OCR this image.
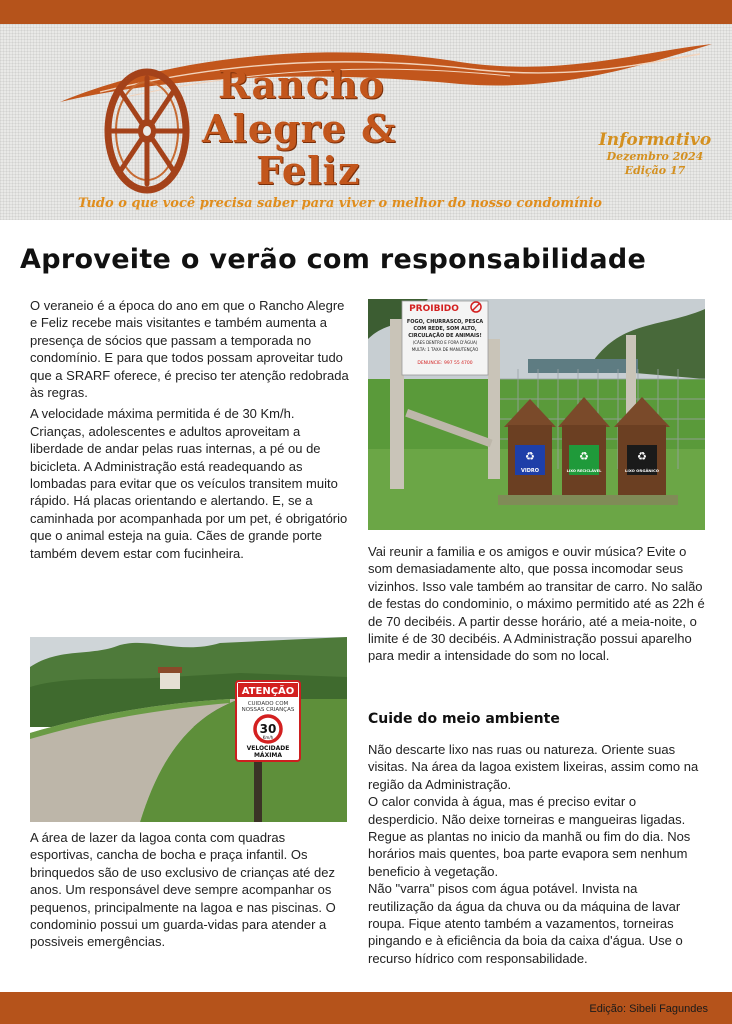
Rancho
Alegre &
Feliz
Informativo
Dezembro 2024
Edição 17
Tudo o que você precisa saber para viver o melhor do nosso condomínio
Aproveite o verão com responsabilidade

O veraneio é a época do ano em que o Rancho Alegre e Feliz recebe mais visitantes e também aumenta a presença de sócios que passam a temporada no condomínio. E para que todos possam aproveitar tudo que a SRARF oferece, é preciso ter atenção redobrada às regras.

A velocidade máxima permitida é de 30 Km/h. Crianças, adolescentes e adultos aproveitam a liberdade de andar pelas ruas internas, a pé ou de bicicleta. A Administração está readequando as lombadas para evitar que os veículos transitem muito rápido. Há placas orientando e alertando. E, se a caminhada por acompanhada por um pet, é obrigatório que o animal esteja na guia. Cães de grande porte também devem estar com fucinheira.

ATENÇÃO
CUIDADO COM
NOSSAS CRIANÇAS
30
Km/h
VELOCIDADE
MÁXIMA

A área de lazer da lagoa conta com quadras esportivas, cancha de bocha e praça infantil. Os brinquedos são de uso exclusivo de crianças até dez anos. Um responsável deve sempre acompanhar os pequenos, principalmente na lagoa e nas piscinas. O condominio possui um guarda-vidas para atender a possiveis emergências.

PROIBIDO
FOGO, CHURRASCO, PESCA
COM REDE, SOM ALTO,
CIRCULAÇÃO DE ANIMAIS!
(CÃES DENTRO E FORA D'ÁGUA)
MULTA: 1 TAXA DE MANUTENÇÃO
DENUNCIE: 997 55 4700
♻
VIDRO
♻
LIXO RECICLÁVEL
♻
LIXO ORGÂNICO

Vai reunir a familia e os amigos e ouvir música? Evite o som demasiadamente alto, que possa incomodar seus vizinhos. Isso vale também ao transitar de carro. No salão de festas do condominio, o máximo permitido até as 22h é de 70 decibéis. A partir desse horário, até a meia-noite, o limite é de 30 decibéis. A Administração possui aparelho para medir a intensidade do som no local.

Cuide do meio ambiente

Não descarte lixo nas ruas ou natureza. Oriente suas visitas. Na área da lagoa existem lixeiras, assim como na região da Administração.

O calor convida à água, mas é preciso evitar o desperdicio. Não deixe torneiras e mangueiras ligadas. Regue as plantas no inicio da manhã ou fim do dia. Nos horários mais quentes, boa parte evapora sem nenhum beneficio à vegetação.

Não "varra" pisos com água potável. Invista na reutilização da água da chuva ou da máquina de lavar roupa. Fique atento também a vazamentos, torneiras pingando e à eficiência da boia da caixa d'água. Use o recurso hídrico com responsabilidade.

Edição: Sibeli Fagundes
